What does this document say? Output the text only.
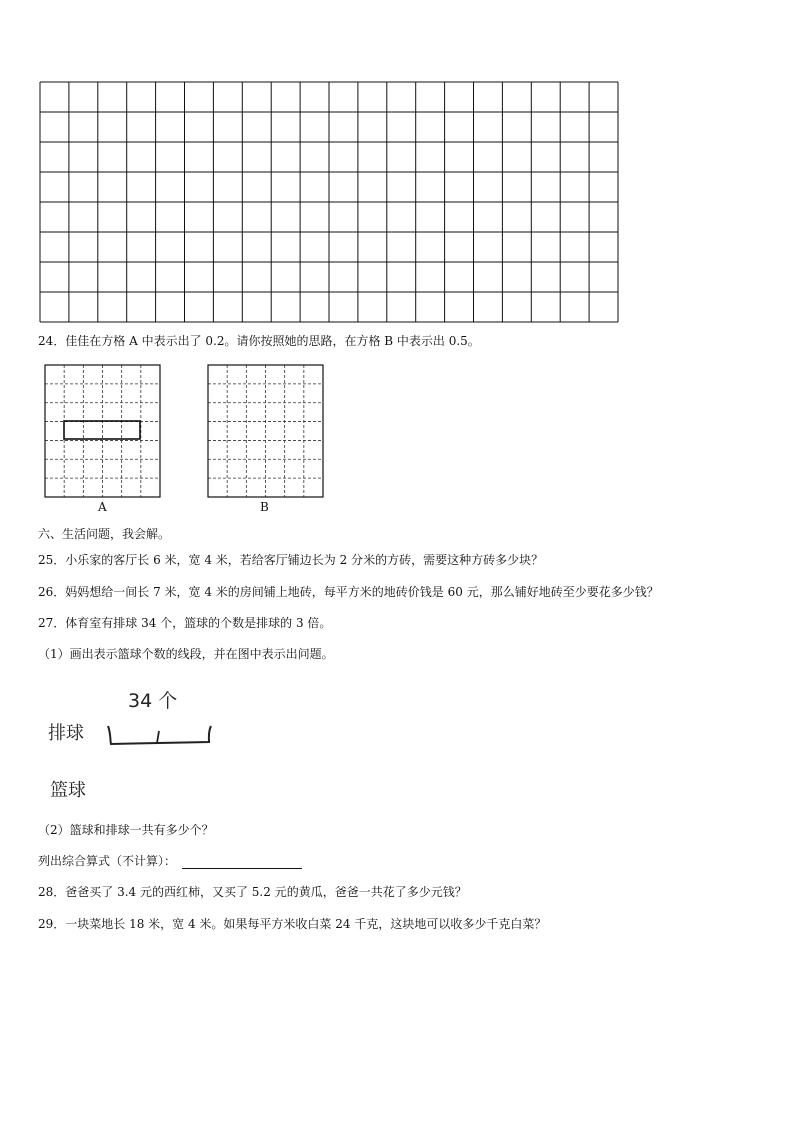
24．佳佳在方格 A 中表示出了 0.2。请你按照她的思路，在方格 B 中表示出 0.5。
A	B
六、生活问题，我会解。
25．小乐家的客厅长 6 米，宽 4 米，若给客厅铺边长为 2 分米的方砖，需要这种方砖多少块？
26．妈妈想给一间长 7 米，宽 4 米的房间铺上地砖，每平方米的地砖价钱是 60 元，那么铺好地砖至少要花多少钱？
27．体育室有排球 34 个，篮球的个数是排球的 3 倍。
（1）画出表示篮球个数的线段，并在图中表示出问题。
34 个
排球
篮球
（2）篮球和排球一共有多少个？
列出综合算式（不计算）：
28．爸爸买了 3.4 元的西红柿，又买了 5.2 元的黄瓜，爸爸一共花了多少元钱？
29．一块菜地长 18 米，宽 4 米。如果每平方米收白菜 24 千克，这块地可以收多少千克白菜？
